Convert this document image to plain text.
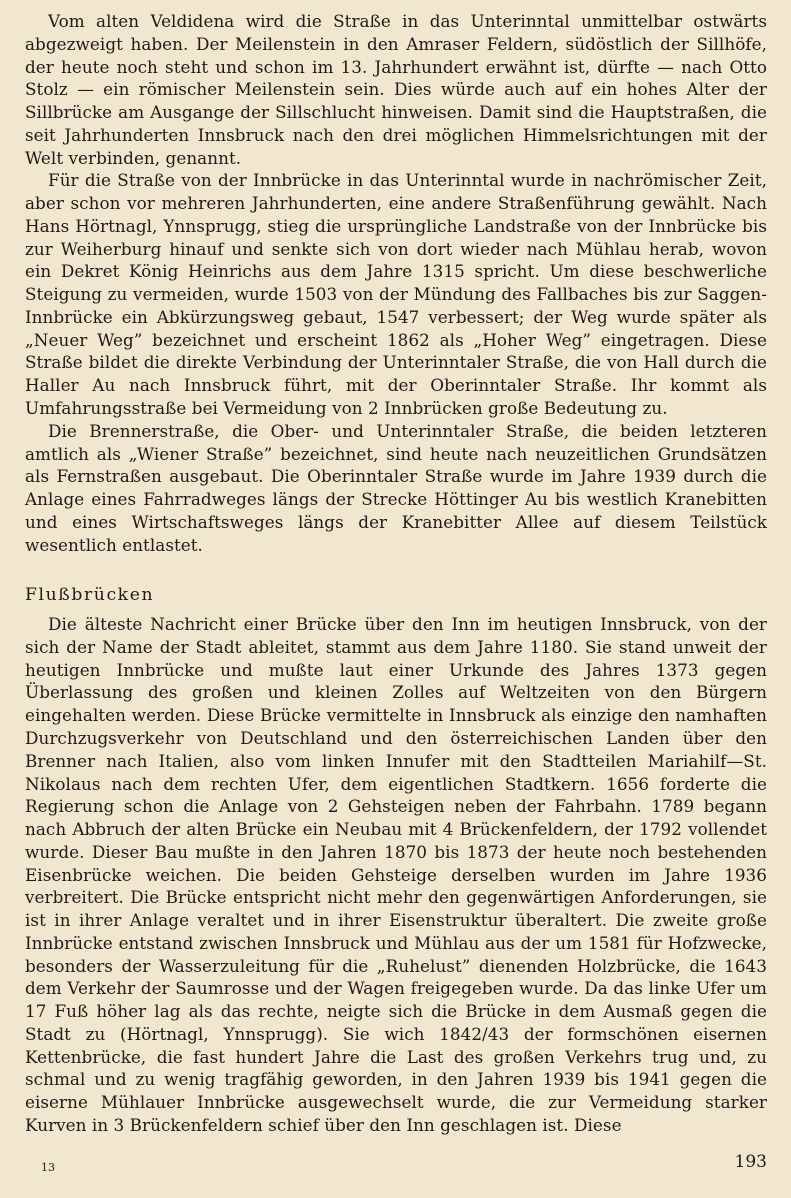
Vom alten Veldidena wird die Straße in das Unterinntal unmittelbar ostwärts abgezweigt haben. Der Meilenstein in den Amraser Feldern, südöstlich der Sillhöfe, der heute noch steht und schon im 13. Jahrhundert erwähnt ist, dürfte — nach Otto Stolz — ein römischer Meilenstein sein. Dies würde auch auf ein hohes Alter der Sillbrücke am Ausgange der Sillschlucht hinweisen. Damit sind die Hauptstraßen, die seit Jahrhunderten Innsbruck nach den drei möglichen Himmelsrichtungen mit der Welt verbinden, genannt.

Für die Straße von der Innbrücke in das Unterinntal wurde in nachrömischer Zeit, aber schon vor mehreren Jahrhunderten, eine andere Straßenführung gewählt. Nach Hans Hörtnagl, Ynnsprugg, stieg die ursprüngliche Landstraße von der Innbrücke bis zur Weiherburg hinauf und senkte sich von dort wieder nach Mühlau herab, wovon ein Dekret König Heinrichs aus dem Jahre 1315 spricht. Um diese beschwerliche Steigung zu vermeiden, wurde 1503 von der Mündung des Fallbaches bis zur Saggen-Innbrücke ein Abkürzungsweg gebaut, 1547 verbessert; der Weg wurde später als „Neuer Weg” bezeichnet und erscheint 1862 als „Hoher Weg” eingetragen. Diese Straße bildet die direkte Verbindung der Unterinntaler Straße, die von Hall durch die Haller Au nach Innsbruck führt, mit der Oberinntaler Straße. Ihr kommt als Umfahrungsstraße bei Vermeidung von 2 Innbrücken große Bedeutung zu.

Die Brennerstraße, die Ober- und Unterinntaler Straße, die beiden letzteren amtlich als „Wiener Straße” bezeichnet, sind heute nach neuzeitlichen Grundsätzen als Fernstraßen ausgebaut. Die Oberinntaler Straße wurde im Jahre 1939 durch die Anlage eines Fahrradweges längs der Strecke Höttinger Au bis westlich Kranebitten und eines Wirtschaftsweges längs der Kranebitter Allee auf diesem Teilstück wesentlich entlastet.

Flußbrücken

Die älteste Nachricht einer Brücke über den Inn im heutigen Innsbruck, von der sich der Name der Stadt ableitet, stammt aus dem Jahre 1180. Sie stand unweit der heutigen Innbrücke und mußte laut einer Urkunde des Jahres 1373 gegen Überlassung des großen und kleinen Zolles auf Weltzeiten von den Bürgern eingehalten werden. Diese Brücke vermittelte in Innsbruck als einzige den namhaften Durchzugsverkehr von Deutschland und den österreichischen Landen über den Brenner nach Italien, also vom linken Innufer mit den Stadtteilen Mariahilf—St. Nikolaus nach dem rechten Ufer, dem eigentlichen Stadtkern. 1656 forderte die Regierung schon die Anlage von 2 Gehsteigen neben der Fahrbahn. 1789 begann nach Abbruch der alten Brücke ein Neubau mit 4 Brückenfeldern, der 1792 vollendet wurde. Dieser Bau mußte in den Jahren 1870 bis 1873 der heute noch bestehenden Eisenbrücke weichen. Die beiden Gehsteige derselben wurden im Jahre 1936 verbreitert. Die Brücke entspricht nicht mehr den gegenwärtigen Anforderungen, sie ist in ihrer Anlage veraltet und in ihrer Eisenstruktur überaltert. Die zweite große Innbrücke entstand zwischen Innsbruck und Mühlau aus der um 1581 für Hofzwecke, besonders der Wasserzuleitung für die „Ruhelust” dienenden Holzbrücke, die 1643 dem Verkehr der Saumrosse und der Wagen freigegeben wurde. Da das linke Ufer um 17 Fuß höher lag als das rechte, neigte sich die Brücke in dem Ausmaß gegen die Stadt zu (Hörtnagl, Ynnsprugg). Sie wich 1842/43 der formschönen eisernen Kettenbrücke, die fast hundert Jahre die Last des großen Verkehrs trug und, zu schmal und zu wenig tragfähig geworden, in den Jahren 1939 bis 1941 gegen die eiserne Mühlauer Innbrücke ausgewechselt wurde, die zur Vermeidung starker Kurven in 3 Brückenfeldern schief über den Inn geschlagen ist. Diese

13	193
